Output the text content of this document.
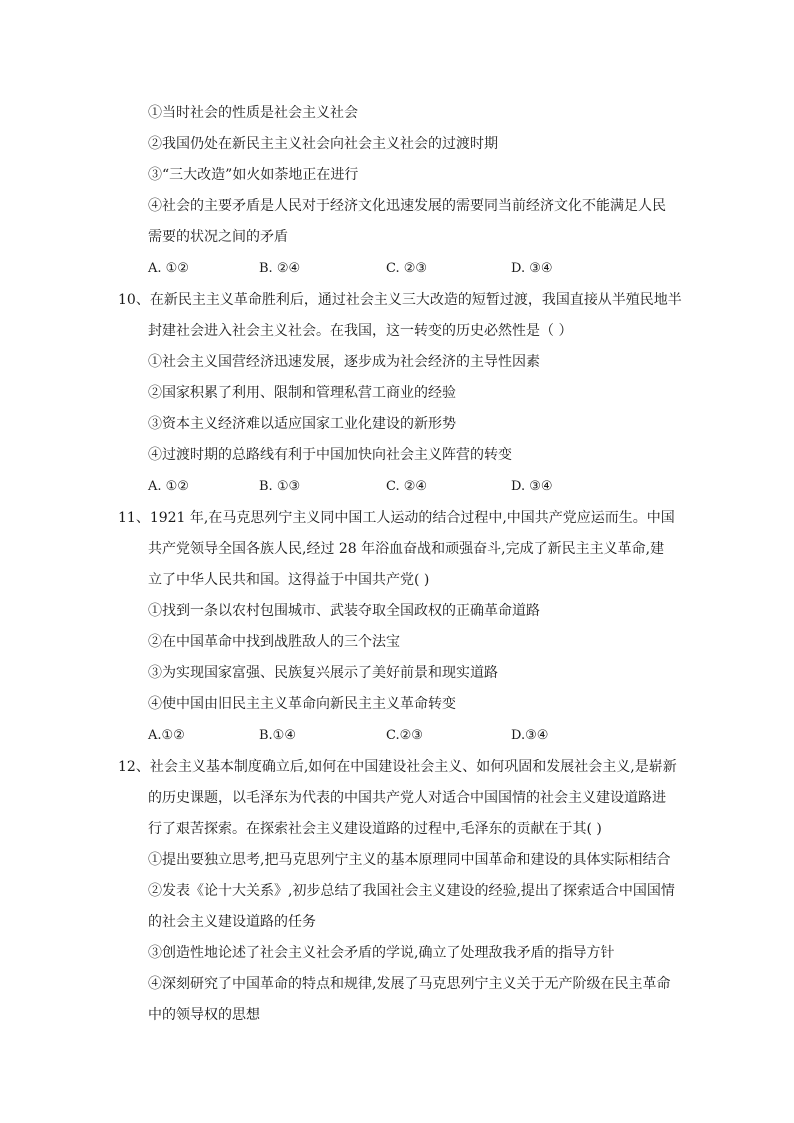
①当时社会的性质是社会主义社会
②我国仍处在新民主主义社会向社会主义社会的过渡时期
③“三大改造”如火如荼地正在进行
④社会的主要矛盾是人民对于经济文化迅速发展的需要同当前经济文化不能满足人民
需要的状况之间的矛盾
A. ①②	B. ②④	C. ②③	D. ③④
10、在新民主主义革命胜利后，通过社会主义三大改造的短暂过渡，我国直接从半殖民地半
封建社会进入社会主义社会。在我国，这一转变的历史必然性是（ ）
①社会主义国营经济迅速发展，逐步成为社会经济的主导性因素
②国家积累了利用、限制和管理私营工商业的经验
③资本主义经济难以适应国家工业化建设的新形势
④过渡时期的总路线有利于中国加快向社会主义阵营的转变
A. ①②	B. ①③	C. ②④	D. ③④
11、1921 年,在马克思列宁主义同中国工人运动的结合过程中,中国共产党应运而生。中国
共产党领导全国各族人民,经过 28 年浴血奋战和顽强奋斗,完成了新民主主义革命,建
立了中华人民共和国。这得益于中国共产党( )
①找到一条以农村包围城市、武装夺取全国政权的正确革命道路
②在中国革命中找到战胜敌人的三个法宝
③为实现国家富强、民族复兴展示了美好前景和现实道路
④使中国由旧民主主义革命向新民主主义革命转变
A.①②	B.①④	C.②③	D.③④
12、社会主义基本制度确立后,如何在中国建设社会主义、如何巩固和发展社会主义,是崭新
的历史课题，以毛泽东为代表的中国共产党人对适合中国国情的社会主义建设道路进
行了艰苦探索。在探索社会主义建设道路的过程中,毛泽东的贡献在于其( )
①提出要独立思考,把马克思列宁主义的基本原理同中国革命和建设的具体实际相结合
②发表《论十大关系》,初步总结了我国社会主义建设的经验,提出了探索适合中国国情
的社会主义建设道路的任务
③创造性地论述了社会主义社会矛盾的学说,确立了处理敌我矛盾的指导方针
④深刻研究了中国革命的特点和规律,发展了马克思列宁主义关于无产阶级在民主革命
中的领导权的思想
